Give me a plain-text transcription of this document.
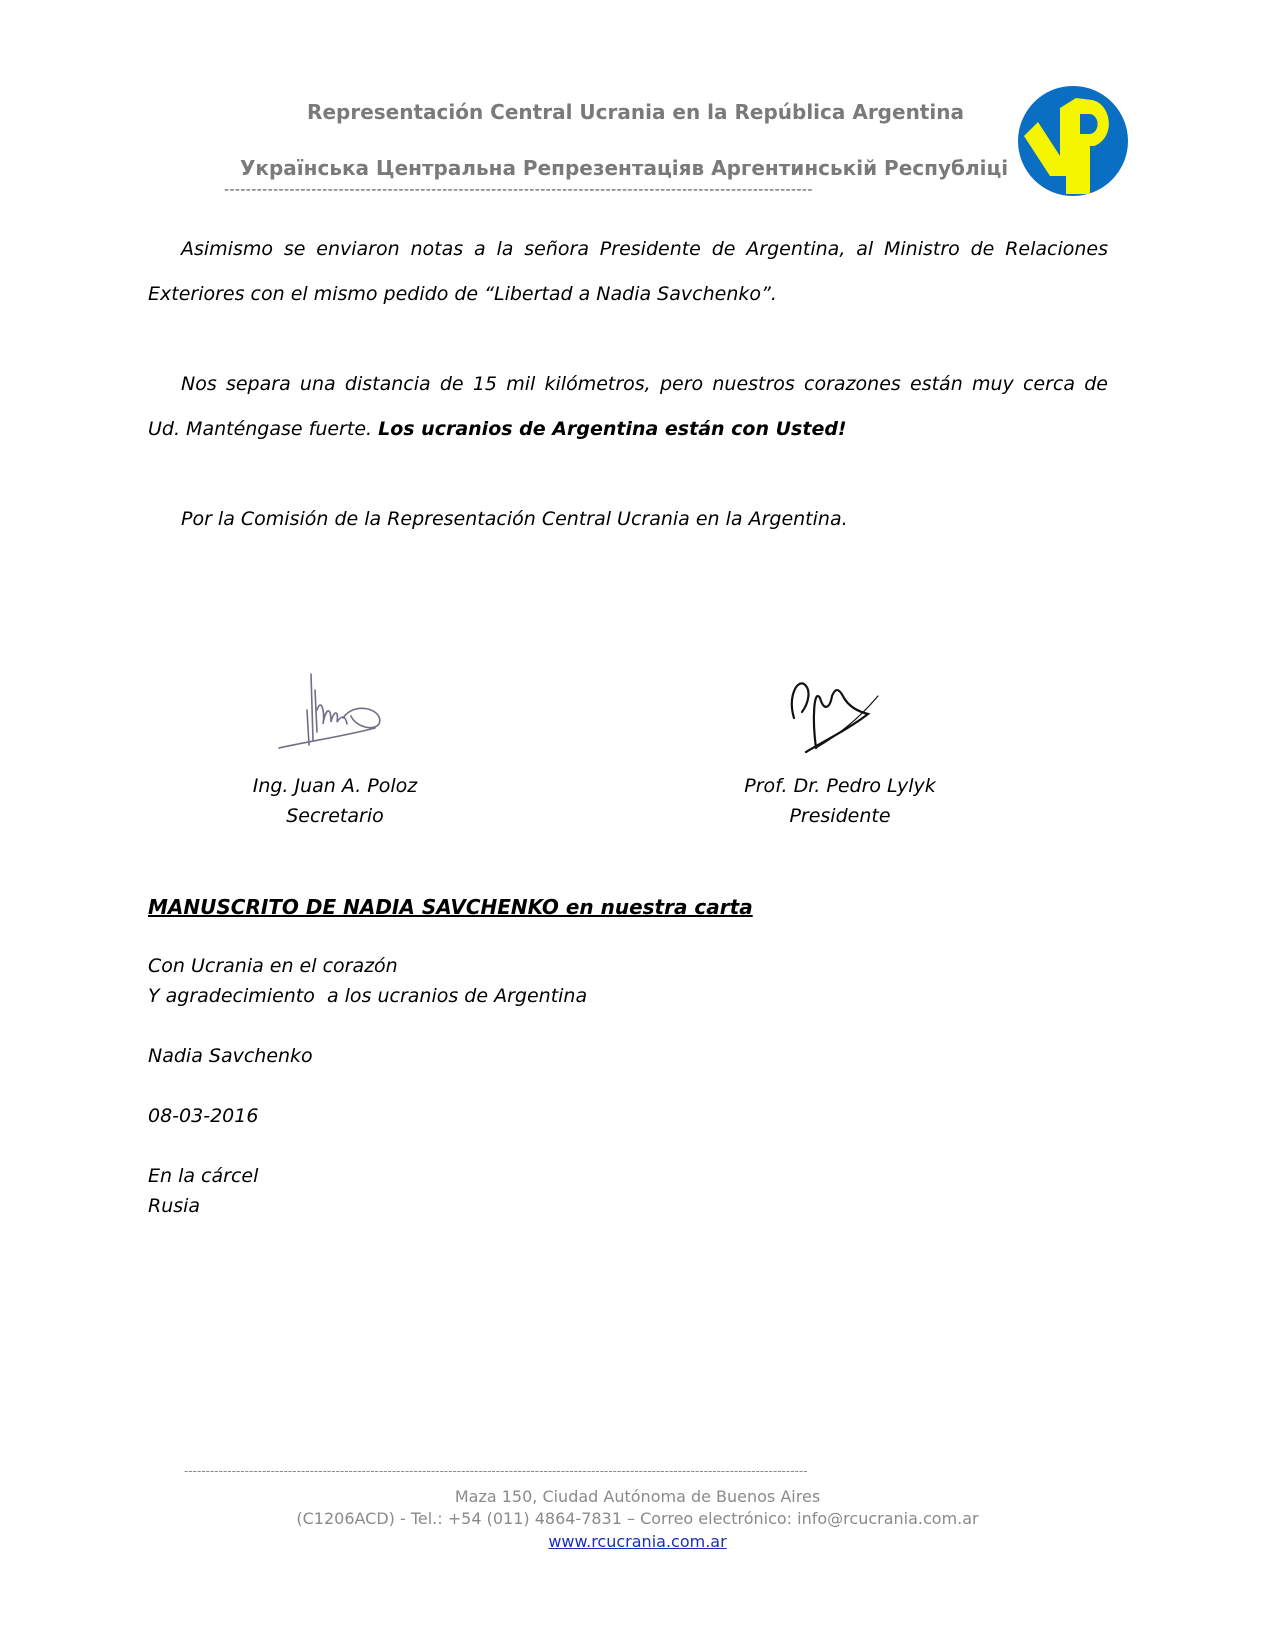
Representación Central Ucrania en la República Argentina
Українська Центральна Репрезентаціяв Аргентинській Республіці
------------------------------------------------------------------------------------------------------------
Asimismo se enviaron notas a la señora Presidente de Argentina, al Ministro de Relaciones
Exteriores con el mismo pedido de “Libertad a Nadia Savchenko”.
Nos separa una distancia de 15 mil kilómetros, pero nuestros corazones están muy cerca de
Ud. Manténgase fuerte. Los ucranios de Argentina están con Usted!
Por la Comisión de la Representación Central Ucrania en la Argentina.
Ing. Juan A. Poloz
Secretario
Prof. Dr. Pedro Lylyk
Presidente
MANUSCRITO DE NADIA SAVCHENKO en nuestra carta
Con Ucrania en el corazón
Y agradecimiento  a los ucranios de Argentina
Nadia Savchenko
08-03-2016
En la cárcel
Rusia
------------------------------------------------------------------------------------------------------------------------------------------------
Maza 150, Ciudad Autónoma de Buenos Aires
(C1206ACD) - Tel.: +54 (011) 4864-7831 – Correo electrónico: info@rcucrania.com.ar
www.rcucrania.com.ar
